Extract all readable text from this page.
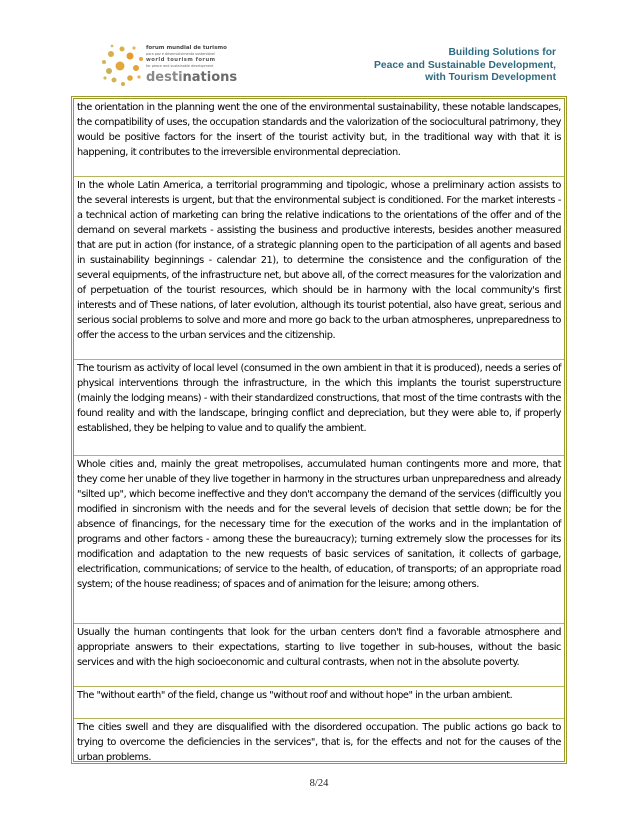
forum mundial de turismo
para paz e desenvolvimento sustentável
world tourism forum
for peace and sustainable development
destinations
Building Solutions for
Peace and Sustainable Development,
with Tourism Development

the orientation in the planning went the one of the environmental sustainability, these notable landscapes, the compatibility of uses, the occupation standards and the valorization of the sociocultural patrimony, they would be positive factors for the insert of the tourist activity but, in the traditional way with that it is happening, it contributes to the irreversible environmental depreciation.

In the whole Latin America, a territorial programming and tipologic, whose a preliminary action assists to the several interests is urgent, but that the environmental subject is conditioned. For the market interests - a technical action of marketing can bring the relative indications to the orientations of the offer and of the demand on several markets - assisting the business and productive interests, besides another measured that are put in action (for instance, of a strategic planning open to the participation of all agents and based in sustainability beginnings - calendar 21), to determine the consistence and the configuration of the several equipments, of the infrastructure net, but above all, of the correct measures for the valorization and of perpetuation of the tourist resources, which should be in harmony with the local community's first interests and of These nations, of later evolution, although its tourist potential, also have great, serious and serious social problems to solve and more and more go back to the urban atmospheres, unpreparedness to offer the access to the urban services and the citizenship.

The tourism as activity of local level (consumed in the own ambient in that it is produced), needs a series of physical interventions through the infrastructure, in the which this implants the tourist superstructure (mainly the lodging means) - with their standardized constructions, that most of the time contrasts with the found reality and with the landscape, bringing conflict and depreciation, but they were able to, if properly established, they be helping to value and to qualify the ambient.

Whole cities and, mainly the great metropolises, accumulated human contingents more and more, that they come her unable of they live together in harmony in the structures urban unpreparedness and already "silted up", which become ineffective and they don't accompany the demand of the services (difficultly you modified in sincronism with the needs and for the several levels of decision that settle down; be for the absence of financings, for the necessary time for the execution of the works and in the implantation of programs and other factors - among these the bureaucracy); turning extremely slow the processes for its modification and adaptation to the new requests of basic services of sanitation, it collects of garbage, electrification, communications; of service to the health, of education, of transports; of an appropriate road system; of the house readiness; of spaces and of animation for the leisure; among others.

Usually the human contingents that look for the urban centers don't find a favorable atmosphere and appropriate answers to their expectations, starting to live together in sub-houses, without the basic services and with the high socioeconomic and cultural contrasts, when not in the absolute poverty.

The "without earth" of the field, change us "without roof and without hope" in the urban ambient.

The cities swell and they are disqualified with the disordered occupation. The public actions go back to trying to overcome the deficiencies in the services", that is, for the effects and not for the causes of the urban problems.

8/24
